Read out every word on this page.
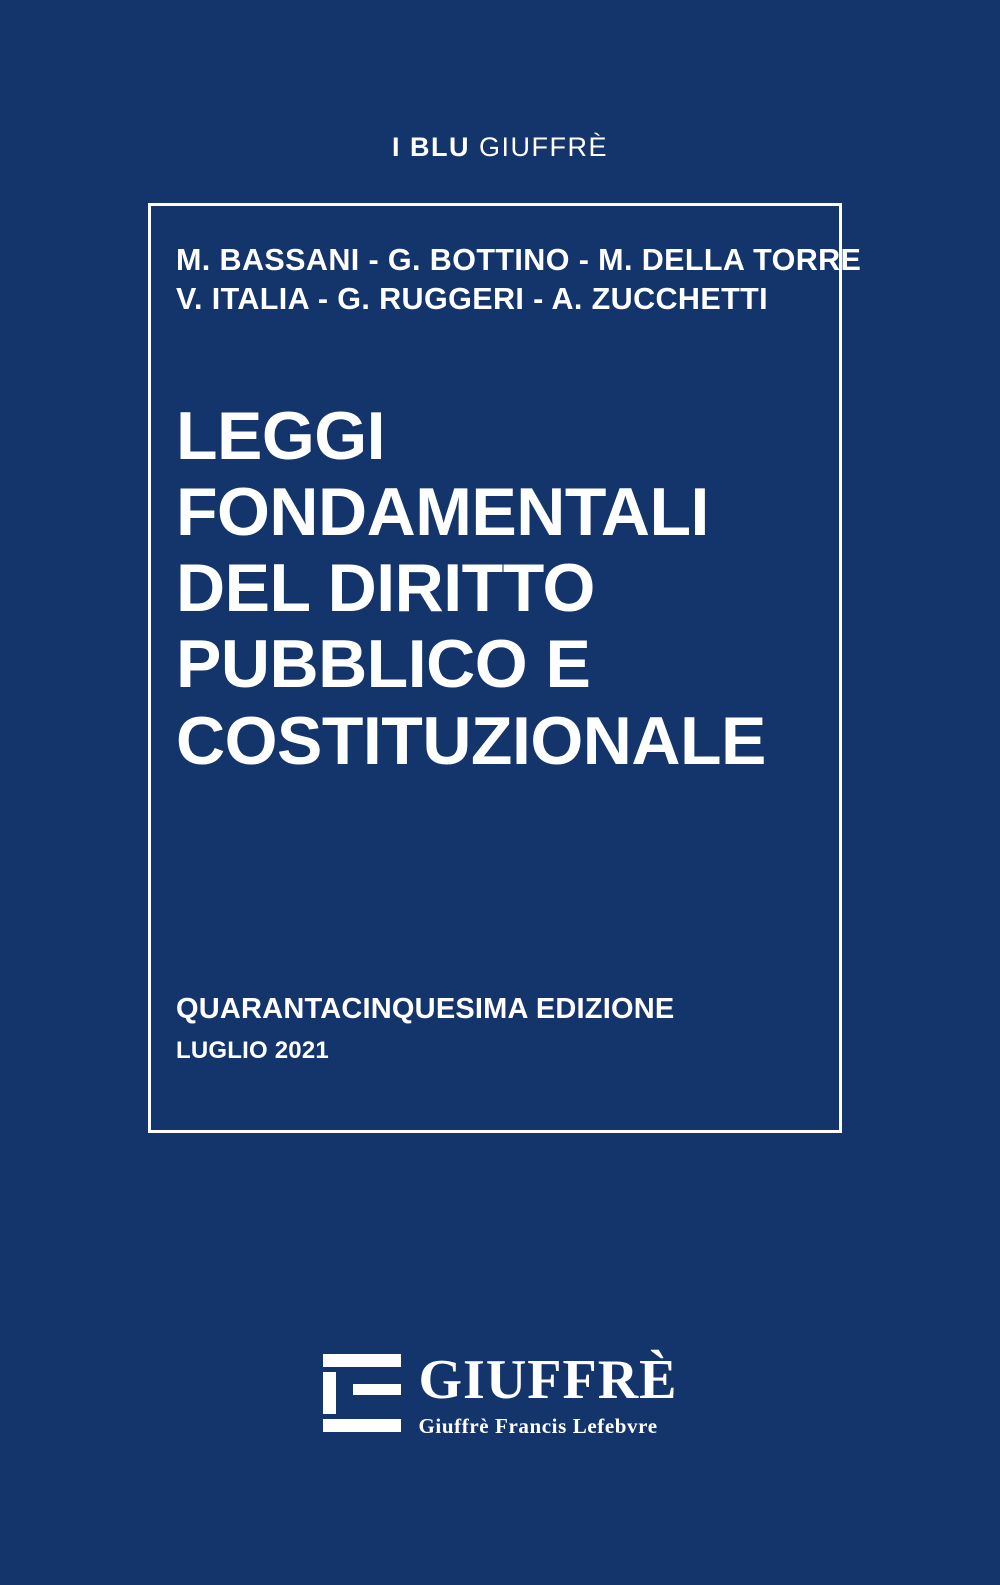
I BLU GIUFFRÈ
M. BASSANI - G. BOTTINO - M. DELLA TORRE
V. ITALIA - G. RUGGERI - A. ZUCCHETTI
LEGGI
FONDAMENTALI
DEL DIRITTO
PUBBLICO E
COSTITUZIONALE
QUARANTACINQUESIMA EDIZIONE
LUGLIO 2021
GIUFFRÈ
Giuffrè Francis Lefebvre
